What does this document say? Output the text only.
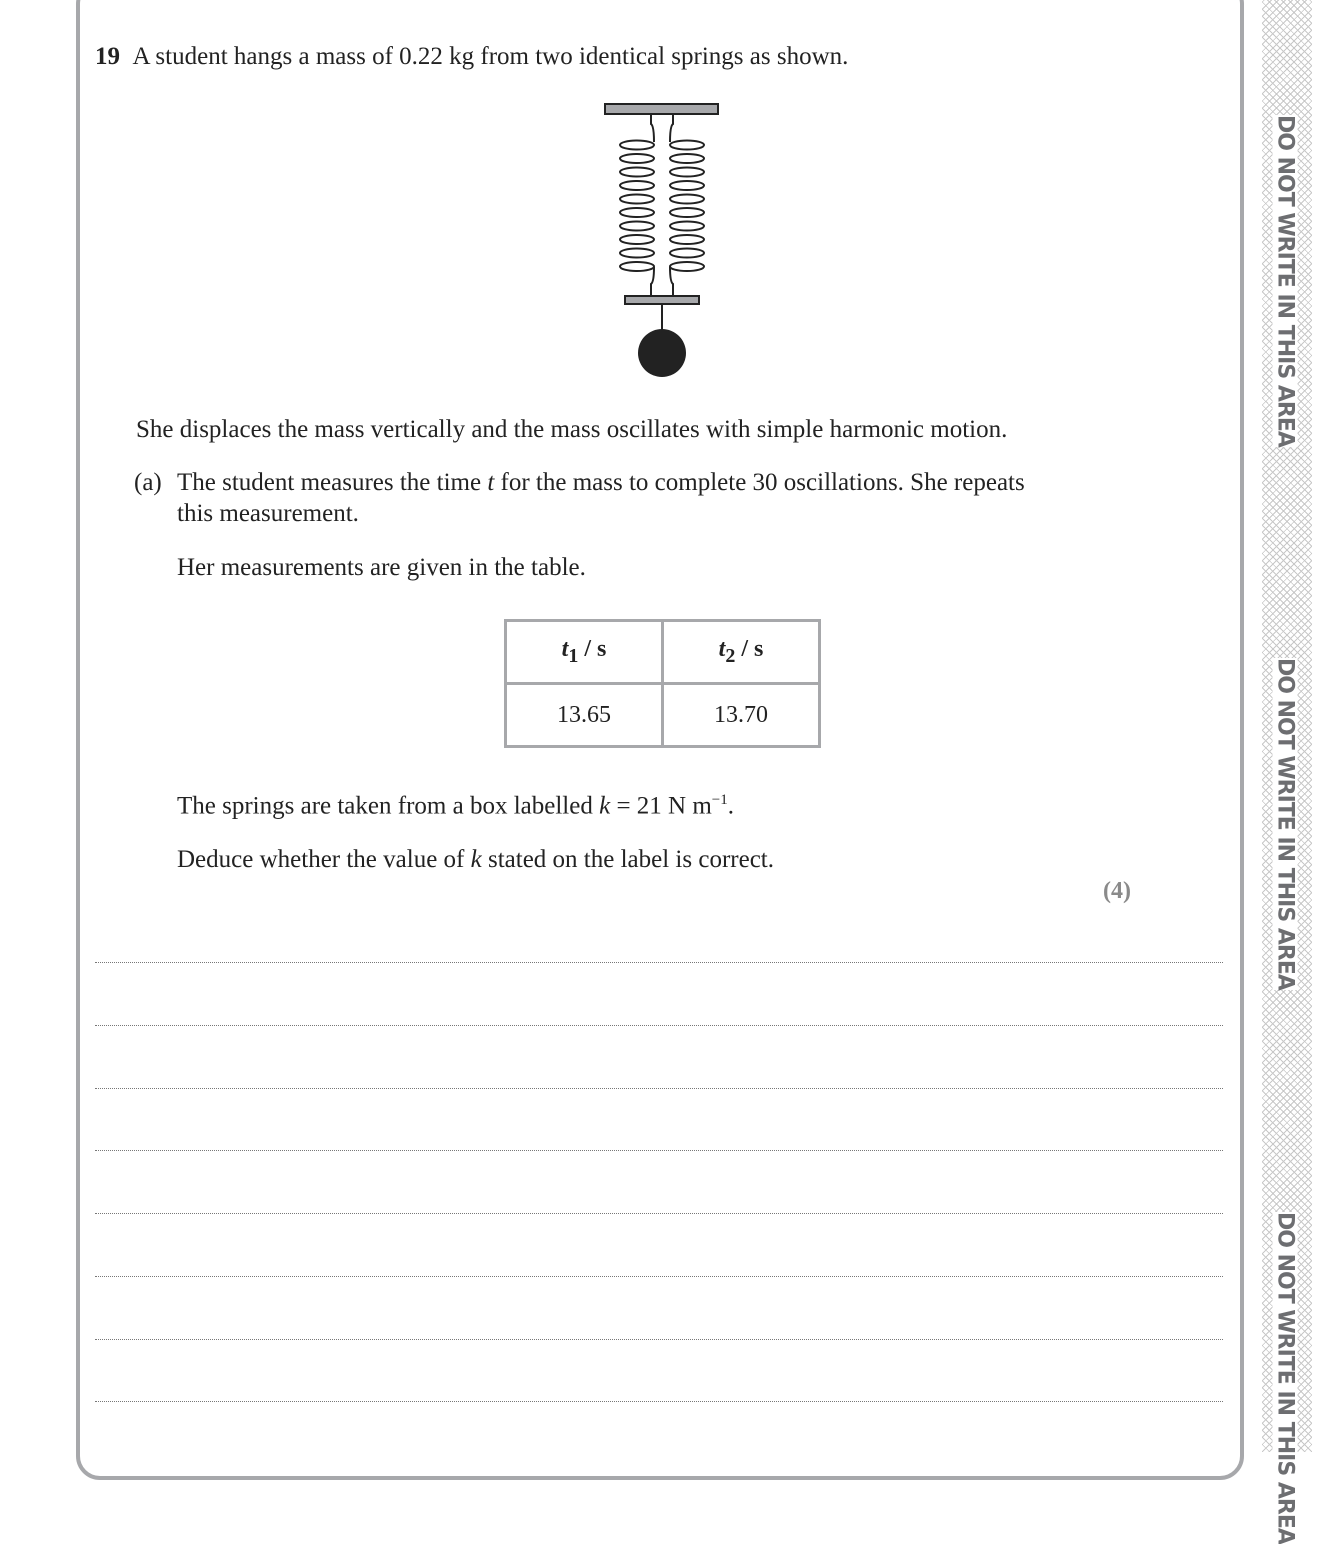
19 A student hangs a mass of 0.22 kg from two identical springs as shown.
She displaces the mass vertically and the mass oscillates with simple harmonic motion.
(a) The student measures the time t for the mass to complete 30 oscillations. She repeats
this measurement.
Her measurements are given in the table.
$t_1$ / s	$t_2$ / s
13.65	13.70
The springs are taken from a box labelled k = 21 N $m^{-1}$.
Deduce whether the value of k stated on the label is correct.
(4)
DO NOT WRITE IN THIS AREA
DO NOT WRITE IN THIS AREA
DO NOT WRITE IN THIS AREA
